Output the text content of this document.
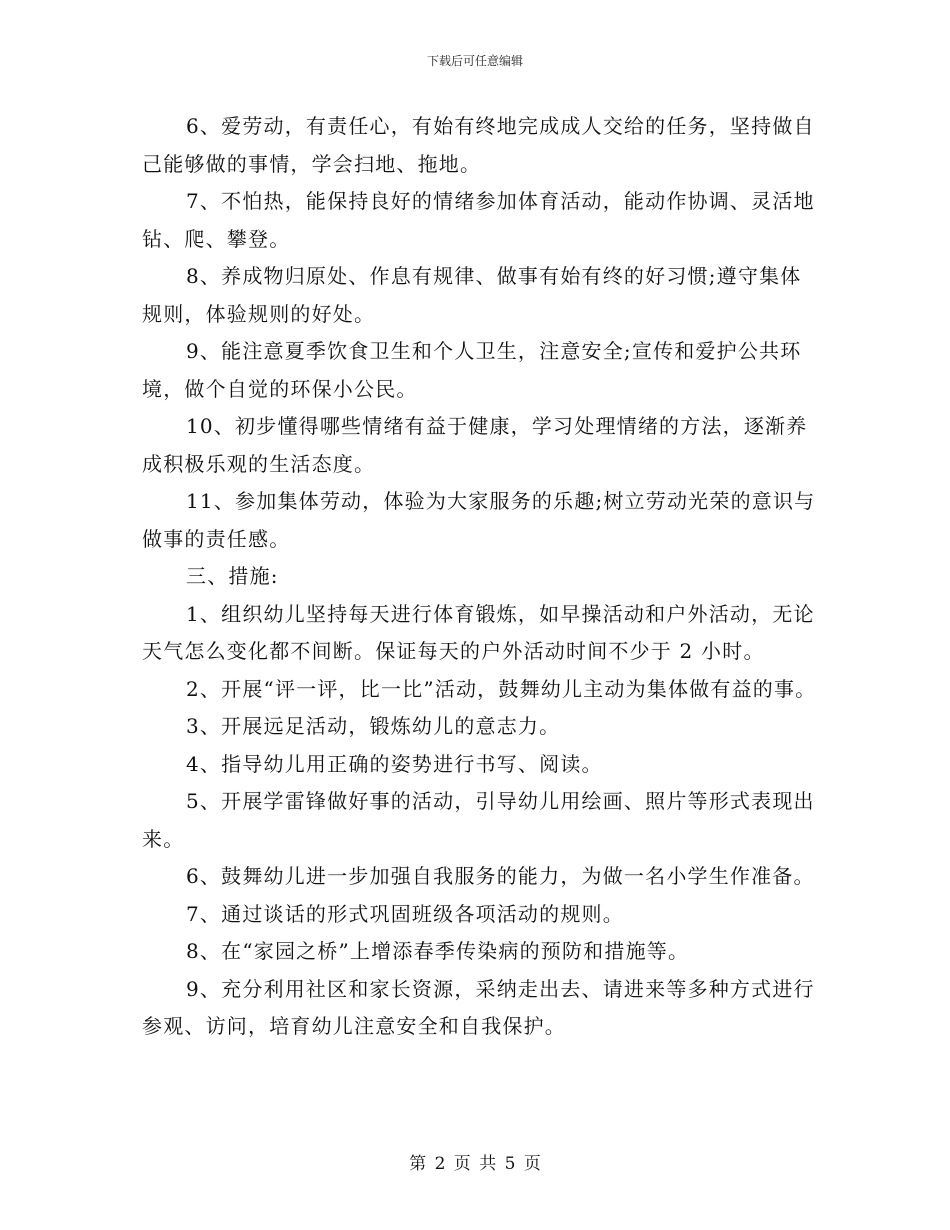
下载后可任意编辑

6、爱劳动，有责任心，有始有终地完成成人交给的任务，坚持做自己能够做的事情，学会扫地、拖地。

7、不怕热，能保持良好的情绪参加体育活动，能动作协调、灵活地钻、爬、攀登。

8、养成物归原处、作息有规律、做事有始有终的好习惯;遵守集体规则，体验规则的好处。

9、能注意夏季饮食卫生和个人卫生，注意安全;宣传和爱护公共环境，做个自觉的环保小公民。

10、初步懂得哪些情绪有益于健康，学习处理情绪的方法，逐渐养成积极乐观的生活态度。

11、参加集体劳动，体验为大家服务的乐趣;树立劳动光荣的意识与做事的责任感。

三、措施:

1、组织幼儿坚持每天进行体育锻炼，如早操活动和户外活动，无论天气怎么变化都不间断。保证每天的户外活动时间不少于 2 小时。

2、开展“评一评，比一比”活动，鼓舞幼儿主动为集体做有益的事。

3、开展远足活动，锻炼幼儿的意志力。

4、指导幼儿用正确的姿势进行书写、阅读。

5、开展学雷锋做好事的活动，引导幼儿用绘画、照片等形式表现出来。

6、鼓舞幼儿进一步加强自我服务的能力，为做一名小学生作准备。

7、通过谈话的形式巩固班级各项活动的规则。

8、在“家园之桥”上增添春季传染病的预防和措施等。

9、充分利用社区和家长资源，采纳走出去、请进来等多种方式进行参观、访问，培育幼儿注意安全和自我保护。

第 2 页 共 5 页
